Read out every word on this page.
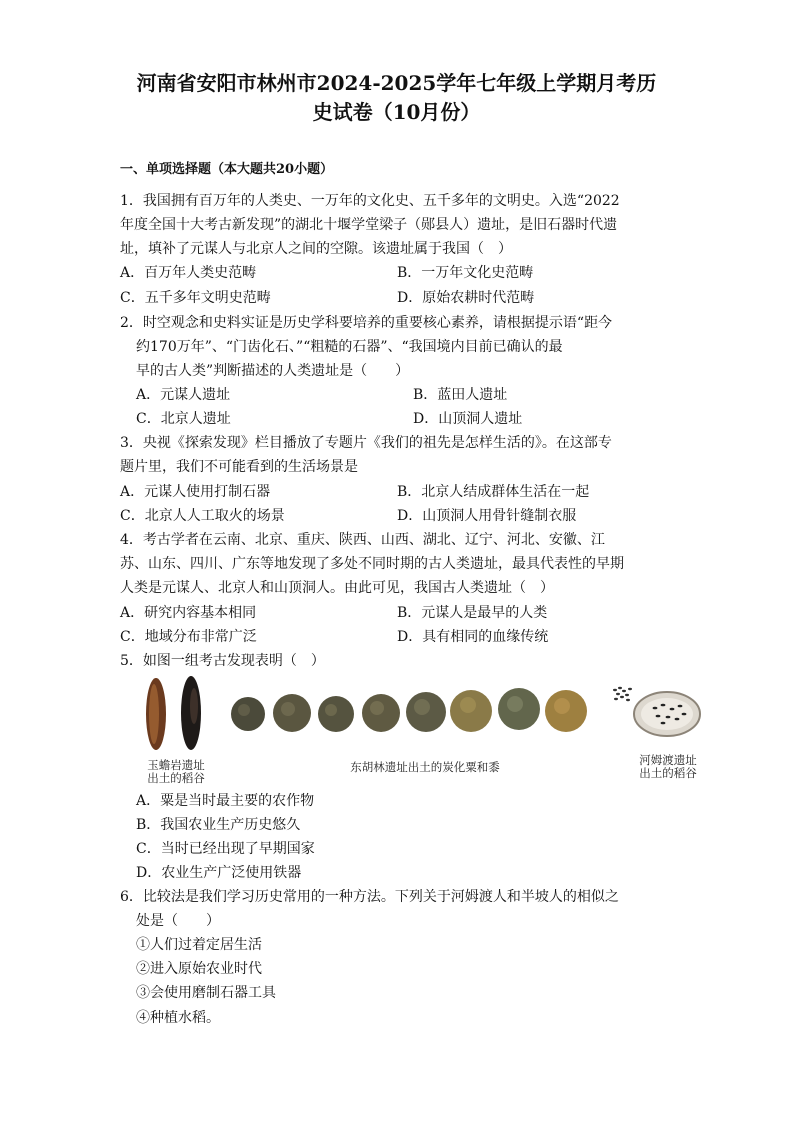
河南省安阳市林州市2024-2025学年七年级上学期月考历
史试卷（10月份）
一、单项选择题（本大题共20小题）
1．我国拥有百万年的人类史、一万年的文化史、五千多年的文明史。入选“2022
年度全国十大考古新发现”的湖北十堰学堂梁子（郧县人）遗址，是旧石器时代遗
址，填补了元谋人与北京人之间的空隙。该遗址属于我国（　）
A．百万年人类史范畴	B．一万年文化史范畴
C．五千多年文明史范畴	D．原始农耕时代范畴
2．时空观念和史料实证是历史学科要培养的重要核心素养，请根据提示语“距今
约170万年”、“门齿化石、”“粗糙的石器”、“我国境内目前已确认的最
早的古人类”判断描述的人类遗址是（　　）
A．元谋人遗址	B．蓝田人遗址
C．北京人遗址	D．山顶洞人遗址
3．央视《探索发现》栏目播放了专题片《我们的祖先是怎样生活的》。在这部专
题片里，我们不可能看到的生活场景是
A．元谋人使用打制石器	B．北京人结成群体生活在一起
C．北京人人工取火的场景	D．山顶洞人用骨针缝制衣服
4．考古学者在云南、北京、重庆、陕西、山西、湖北、辽宁、河北、安徽、江
苏、山东、四川、广东等地发现了多处不同时期的古人类遗址，最具代表性的早期
人类是元谋人、北京人和山顶洞人。由此可见，我国古人类遗址（　）
A．研究内容基本相同	B．元谋人是最早的人类
C．地域分布非常广泛	D．具有相同的血缘传统
5．如图一组考古发现表明（　）
玉蟾岩遗址
出土的稻谷
东胡林遗址出土的炭化粟和黍	河姆渡遗址
出土的稻谷
A．粟是当时最主要的农作物
B．我国农业生产历史悠久
C．当时已经出现了早期国家
D．农业生产广泛使用铁器
6．比较法是我们学习历史常用的一种方法。下列关于河姆渡人和半坡人的相似之
处是（　　）
①人们过着定居生活
②进入原始农业时代
③会使用磨制石器工具
④种植水稻。
